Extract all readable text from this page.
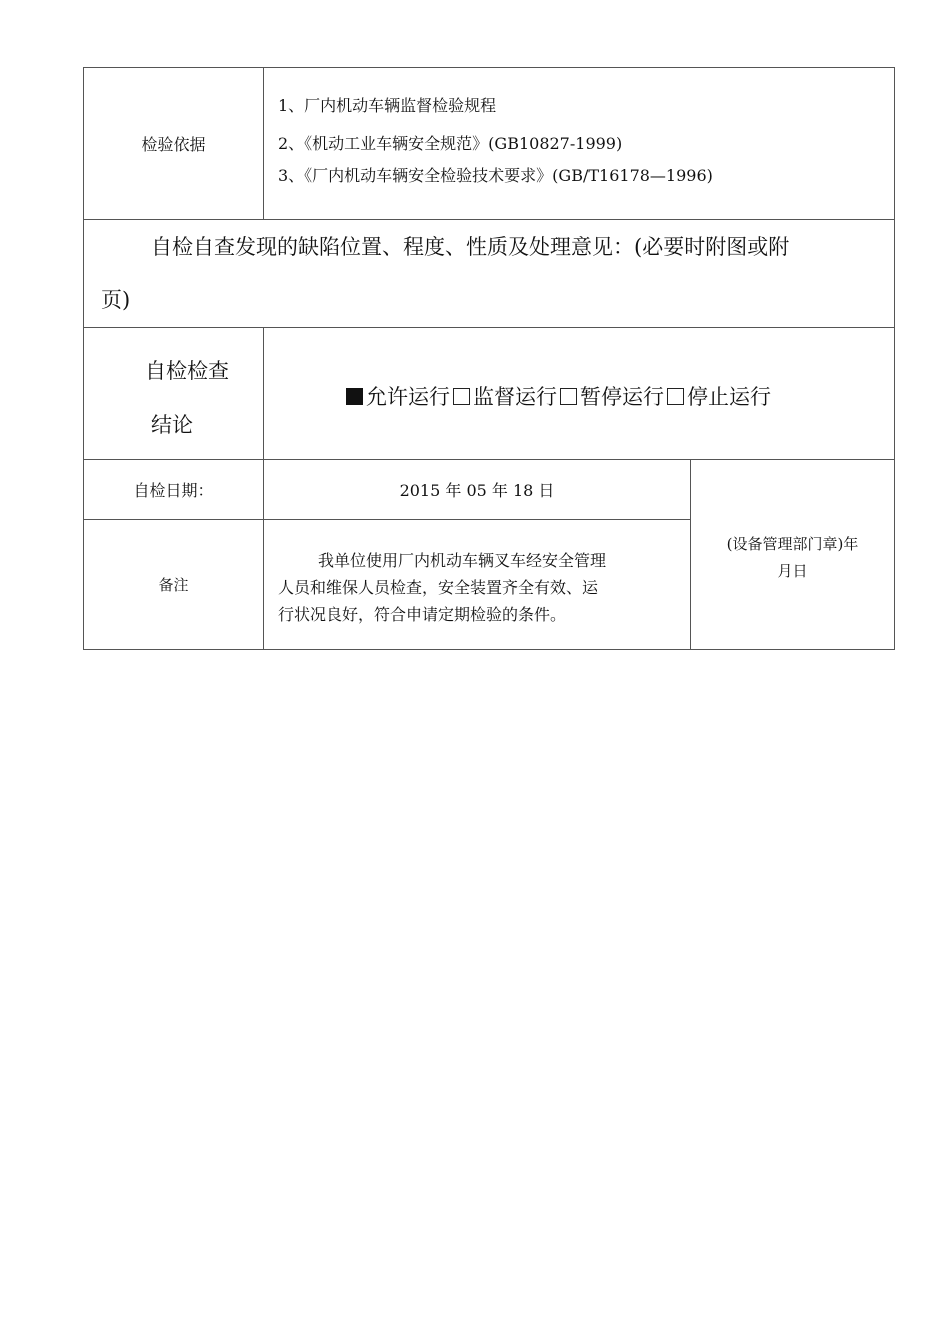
检验依据
1、厂内机动车辆监督检验规程
2、《机动工业车辆安全规范》(GB10827-1999)
3、《厂内机动车辆安全检验技术要求》(GB/T16178—1996)
自检自查发现的缺陷位置、程度、性质及处理意见：(必要时附图或附
页)
自检检查
结论
允许运行 监督运行 暂停运行 停止运行
自检日期：	2015 年 05 年 18 日
备注
我单位使用厂内机动车辆叉车经安全管理
人员和维保人员检查，安全装置齐全有效、运
行状况良好，符合申请定期检验的条件。
(设备管理部门章)年
月日
